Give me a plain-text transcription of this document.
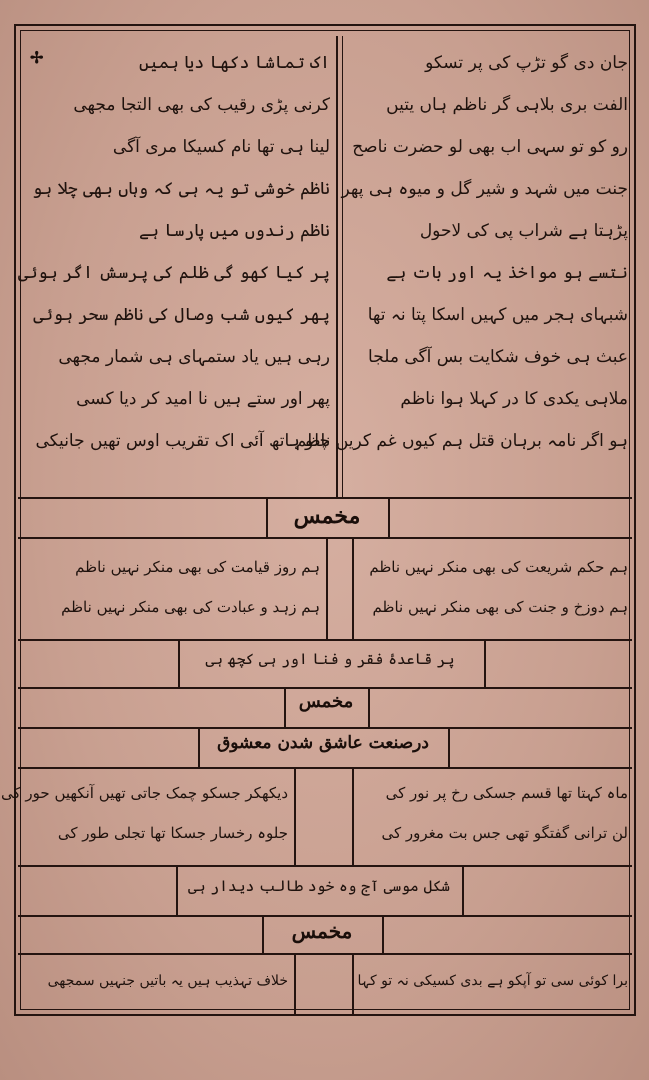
✢	جان دی گو تڑپ کی پر تسکو
الفت بری بلاہی گر ناظم ہاں یتیں
رو کو تو سہی اب بھی لو حضرت ناصح
جنت میں شہد و شیر گل و میوہ ہی پھر
پڑہتا ہے شراب پی کی لاحول
نتسے ہو مواخذ یہ اور بات ہے
شبہای ہجر میں کہیں اسکا پتا نہ تھا
عبث ہی خوف شکایت بس آگی ملجا
ملاہی یکدی کا در کہلا ہوا ناظم
ہو اگر نامہ برہان قتل ہم کیوں غم کریں ناظم
اک تماشا دکھا دیا ہمیں
کرنی پڑی رقیب کی بھی التجا مجھی
لینا ہی تھا نام کسیکا مری آگی
ناظم خوشی تو یہ ہی کہ وہاں بھی چلا ہو
ناظم رندوں میں پارسا ہے
پر کیا کھو گی ظلم کی پرسش اگر ہوئی
پھر کیوں شب وصال کی ناظم سحر ہوئی
رہی ہیں یاد ستمہای ہی شمار مجھی
پھر اور ستے ہیں نا امید کر دیا کسی
چلو ہاتھ آئی اک تقریب اوس تھیں جانیکی
مخمس
ہم حکم شریعت کی بھی منکر نہیں ناظم
ہم دوزخ و جنت کی بھی منکر نہیں ناظم
ہم روز قیامت کی بھی منکر نہیں ناظم
ہم زہد و عبادت کی بھی منکر نہیں ناظم
پر قاعدۂ فقر و فنا اور ہی کچھ ہی
مخمس
درصنعت عاشق شدن معشوق
ماہ کہتا تھا قسم جسکی رخ پر نور کی
لن ترانی گفتگو تھی جس بت مغرور کی
دیکھکر جسکو چمک جاتی تھیں آنکھیں حور کی
جلوہ رخسار جسکا تھا تجلی طور کی
شکل موسی آج وہ خود طالب دیدار ہی
مخمس
برا کوئی سی تو آپکو ہے بدی کسیکی نہ تو کہا
خلاف تہذیب ہیں یہ باتیں جنہیں سمجھی
